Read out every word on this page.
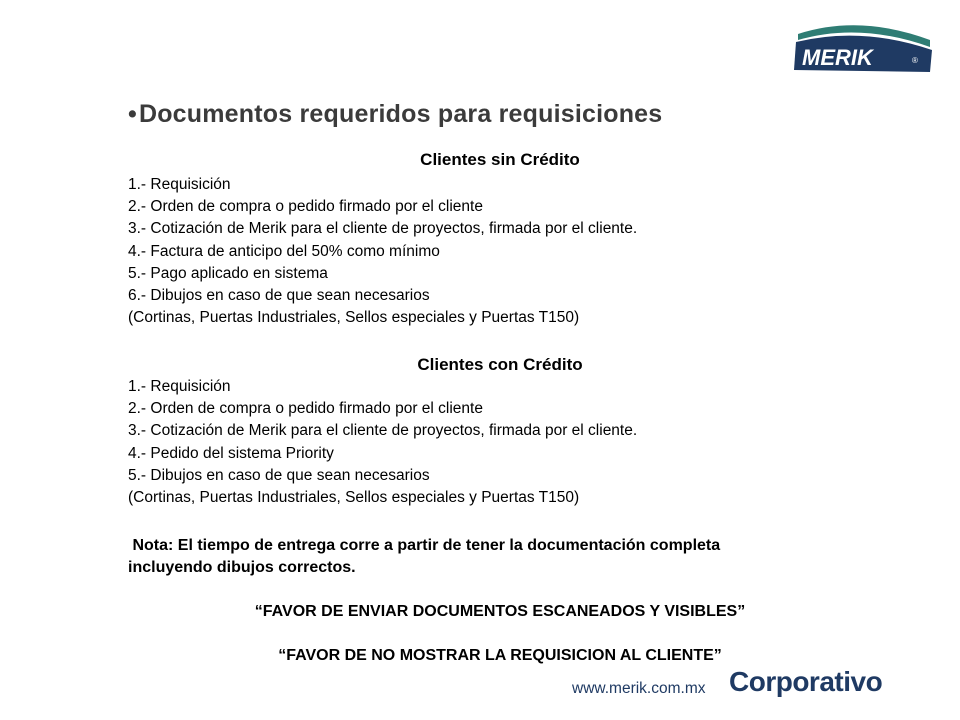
MERIK	®
•Documentos requeridos para requisiciones
Clientes sin Crédito
1.- Requisición
2.- Orden de compra o pedido firmado por el cliente
3.- Cotización de Merik para el cliente de proyectos, firmada por el cliente.
4.- Factura de anticipo del 50% como mínimo
5.- Pago aplicado en sistema
6.- Dibujos en caso de que sean necesarios
(Cortinas, Puertas Industriales, Sellos especiales y Puertas T150)
Clientes con Crédito
1.- Requisición
2.- Orden de compra o pedido firmado por el cliente
3.- Cotización de Merik para el cliente de proyectos, firmada por el cliente.
4.- Pedido del sistema Priority
5.- Dibujos en caso de que sean necesarios
(Cortinas, Puertas Industriales, Sellos especiales y Puertas T150)
Nota: El tiempo de entrega corre a partir de tener la documentación completa
incluyendo dibujos correctos.
“FAVOR DE ENVIAR DOCUMENTOS ESCANEADOS Y VISIBLES”
“FAVOR DE NO MOSTRAR LA REQUISICION AL CLIENTE”
www.merik.com.mx Corporativo
